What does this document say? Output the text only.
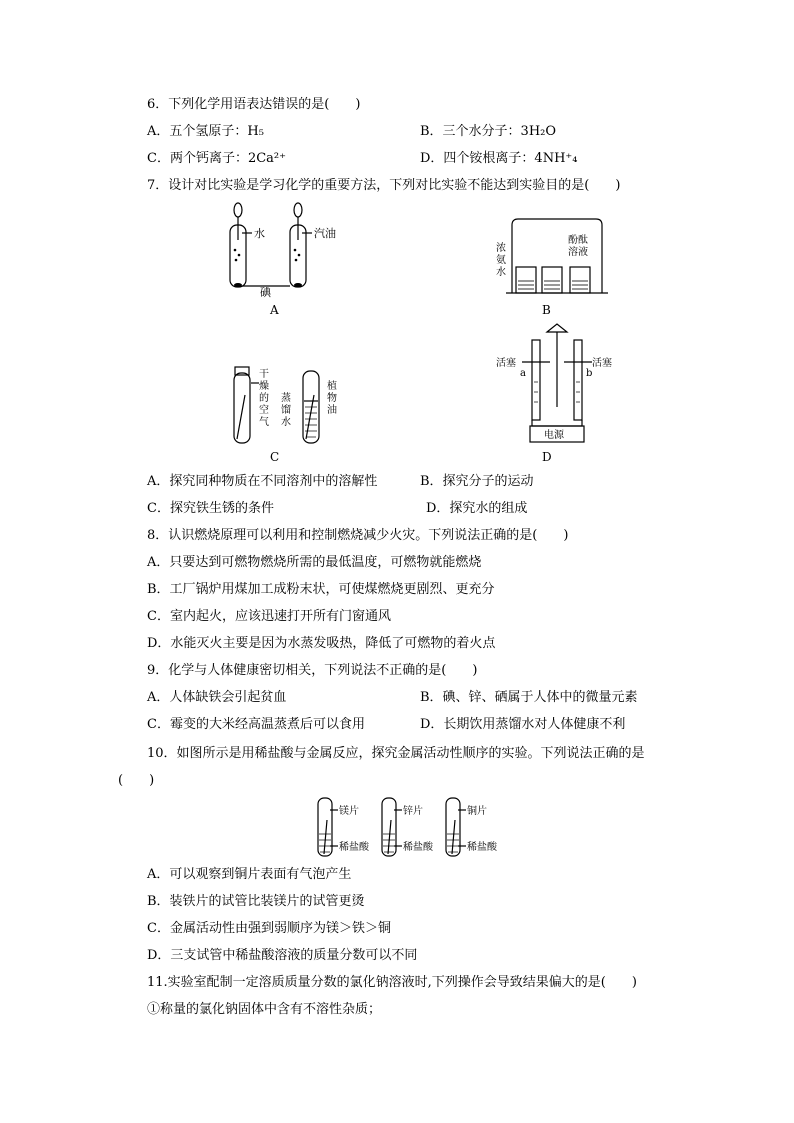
6．下列化学用语表达错误的是(　　)
A．五个氢原子：H₅	B．三个水分子：3H₂O
C．两个钙离子：2Ca²⁺	D．四个铵根离子：4NH⁺₄
7．设计对比实验是学习化学的重要方法，下列对比实验不能达到实验目的是(　　)
水	汽油
碘
A
浓氨水
酚酞溶液
B
干燥的空气
蒸馏水
植物油
C
活塞	活塞
a	b
电源
D
A．探究同种物质在不同溶剂中的溶解性	B．探究分子的运动
C．探究铁生锈的条件	D．探究水的组成
8．认识燃烧原理可以利用和控制燃烧减少火灾。下列说法正确的是(　　)
A．只要达到可燃物燃烧所需的最低温度，可燃物就能燃烧
B．工厂锅炉用煤加工成粉末状，可使煤燃烧更剧烈、更充分
C．室内起火，应该迅速打开所有门窗通风
D．水能灭火主要是因为水蒸发吸热，降低了可燃物的着火点
9．化学与人体健康密切相关，下列说法不正确的是(　　)
A．人体缺铁会引起贫血	B．碘、锌、硒属于人体中的微量元素
C．霉变的大米经高温蒸煮后可以食用	D．长期饮用蒸馏水对人体健康不利
10．如图所示是用稀盐酸与金属反应，探究金属活动性顺序的实验。下列说法正确的是
(　　)
镁片
稀盐酸
锌片
稀盐酸
铜片
稀盐酸
A．可以观察到铜片表面有气泡产生
B．装铁片的试管比装镁片的试管更烫
C．金属活动性由强到弱顺序为镁＞铁＞铜
D．三支试管中稀盐酸溶液的质量分数可以不同
11.实验室配制一定溶质质量分数的氯化钠溶液时,下列操作会导致结果偏大的是(　　)
①称量的氯化钠固体中含有不溶性杂质；
